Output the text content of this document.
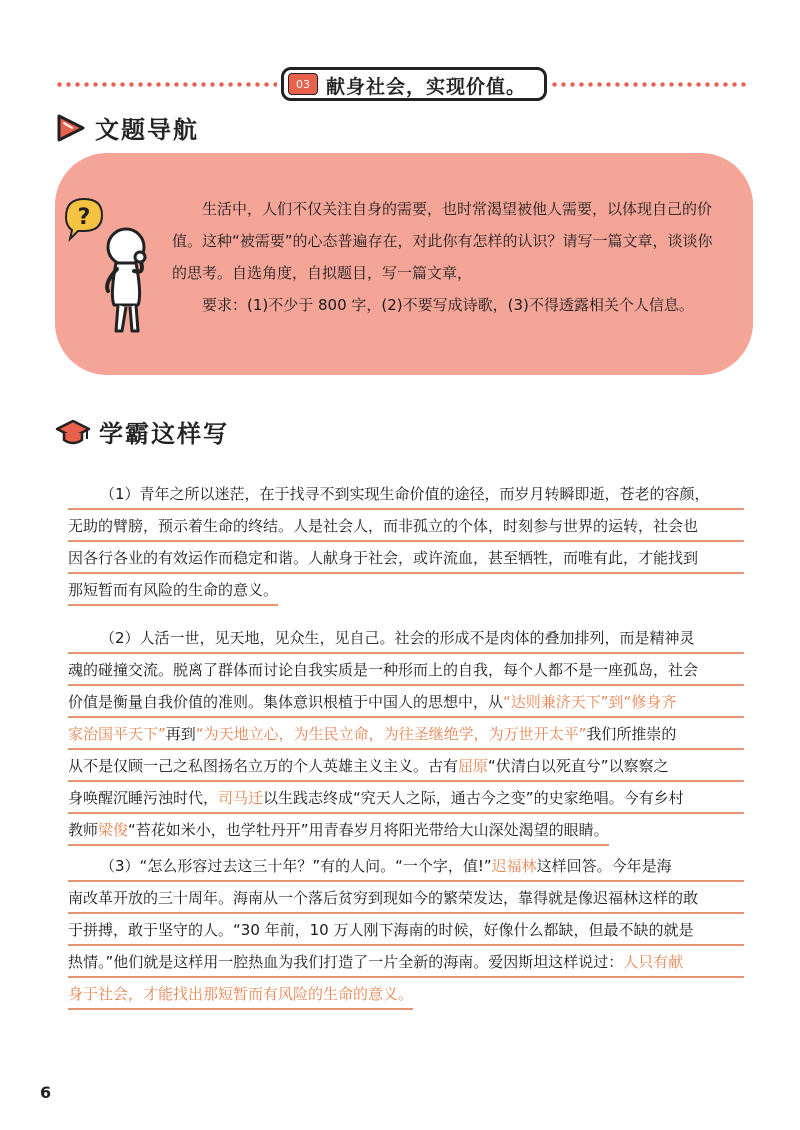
03 献身社会，实现价值。
文题导航
?	生活中，人们不仅关注自身的需要，也时常渴望被他人需要，以体现自己的价值。这种“被需要”的心态普遍存在，对此你有怎样的认识？请写一篇文章，谈谈你的思考。自选角度，自拟题目，写一篇文章，

要求：(1)不少于 800 字，(2)不要写成诗歌，(3)不得透露相关个人信息。

学霸这样写
（1）青年之所以迷茫，在于找寻不到实现生命价值的途径，而岁月转瞬即逝，苍老的容颜，
无助的臂膀，预示着生命的终结。人是社会人，而非孤立的个体，时刻参与世界的运转，社会也
因各行各业的有效运作而稳定和谐。人献身于社会，或许流血，甚至牺牲，而唯有此，才能找到
那短暂而有风险的生命的意义。
（2）人活一世，见天地，见众生，见自己。社会的形成不是肉体的叠加排列，而是精神灵
魂的碰撞交流。脱离了群体而讨论自我实质是一种形而上的自我，每个人都不是一座孤岛，社会
价值是衡量自我价值的准则。集体意识根植于中国人的思想中，从“达则兼济天下”到“修身齐
家治国平天下”再到“为天地立心，为生民立命，为往圣继绝学，为万世开太平”我们所推崇的
从不是仅顾一己之私图扬名立万的个人英雄主义主义。古有屈原“伏清白以死直兮”以察察之
身唤醒沉睡污浊时代，司马迁以生践志终成“究天人之际，通古今之变”的史家绝唱。今有乡村
教师梁俊“苔花如米小，也学牡丹开”用青春岁月将阳光带给大山深处渴望的眼睛。
（3）“怎么形容过去这三十年？”有的人问。“一个字，值!”迟福林这样回答。今年是海
南改革开放的三十周年。海南从一个落后贫穷到现如今的繁荣发达，靠得就是像迟福林这样的敢
于拼搏，敢于坚守的人。“30 年前，10 万人刚下海南的时候，好像什么都缺，但最不缺的就是
热情。”他们就是这样用一腔热血为我们打造了一片全新的海南。爱因斯坦这样说过：人只有献
身于社会，才能找出那短暂而有风险的生命的意义。
6
